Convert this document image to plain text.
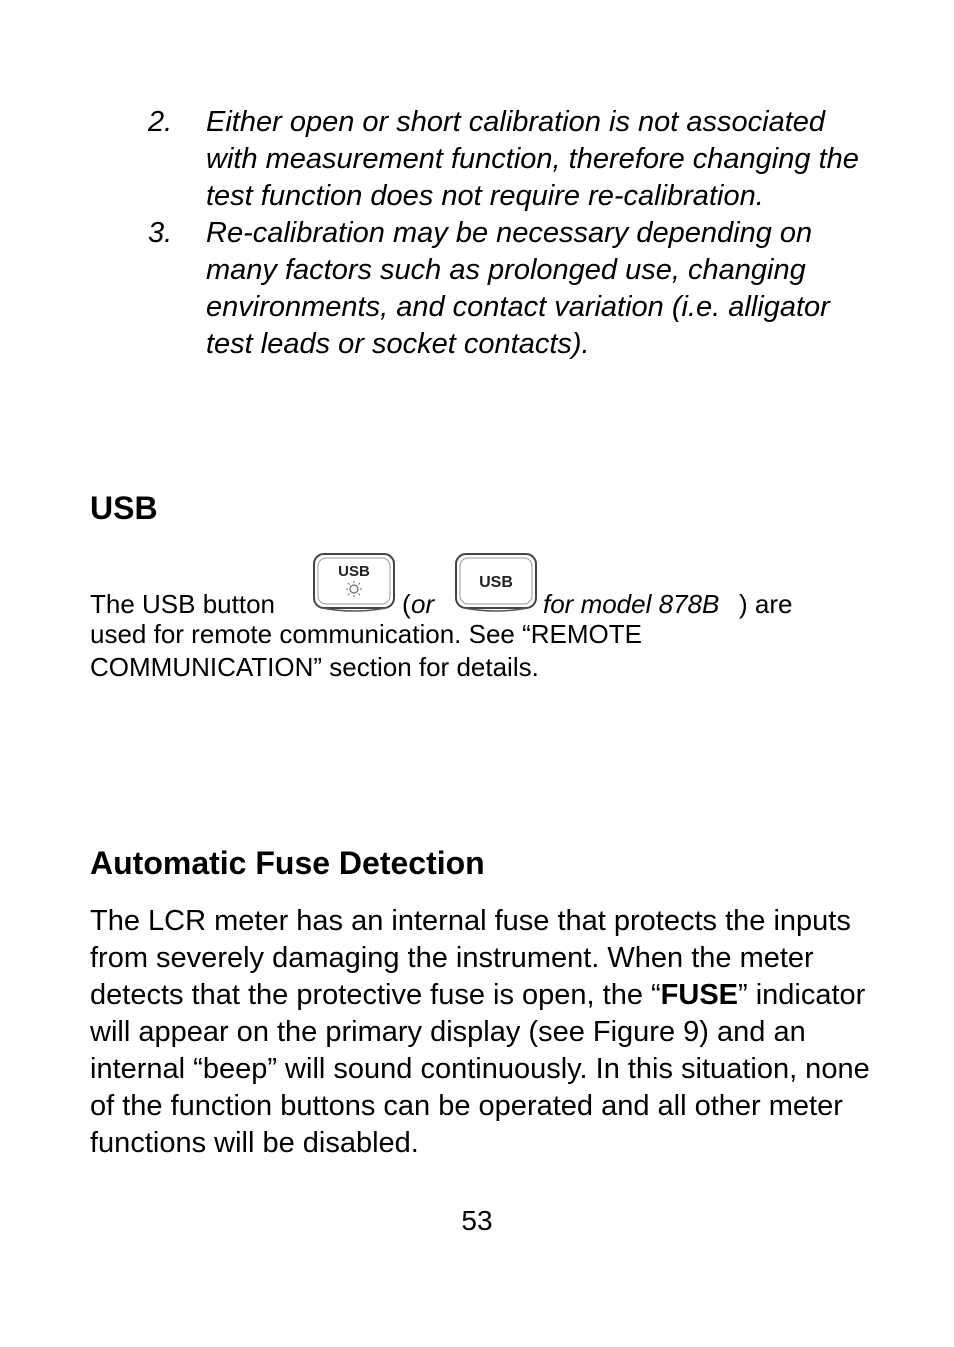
2. Either open or short calibration is not associated with measurement function, therefore changing the test function does not require re-calibration.
3. Re-calibration may be necessary depending on many factors such as prolonged use, changing environments, and contact variation (i.e. alligator test leads or socket contacts).
USB
The USB button
USB
( or
USB
for model 878B ) are
used for remote communication. See “REMOTE COMMUNICATION” section for details.
Automatic Fuse Detection

The LCR meter has an internal fuse that protects the inputs from severely damaging the instrument. When the meter detects that the protective fuse is open, the “FUSE” indicator will appear on the primary display (see Figure 9) and an internal “beep” will sound continuously. In this situation, none of the function buttons can be operated and all other meter functions will be disabled.

53
